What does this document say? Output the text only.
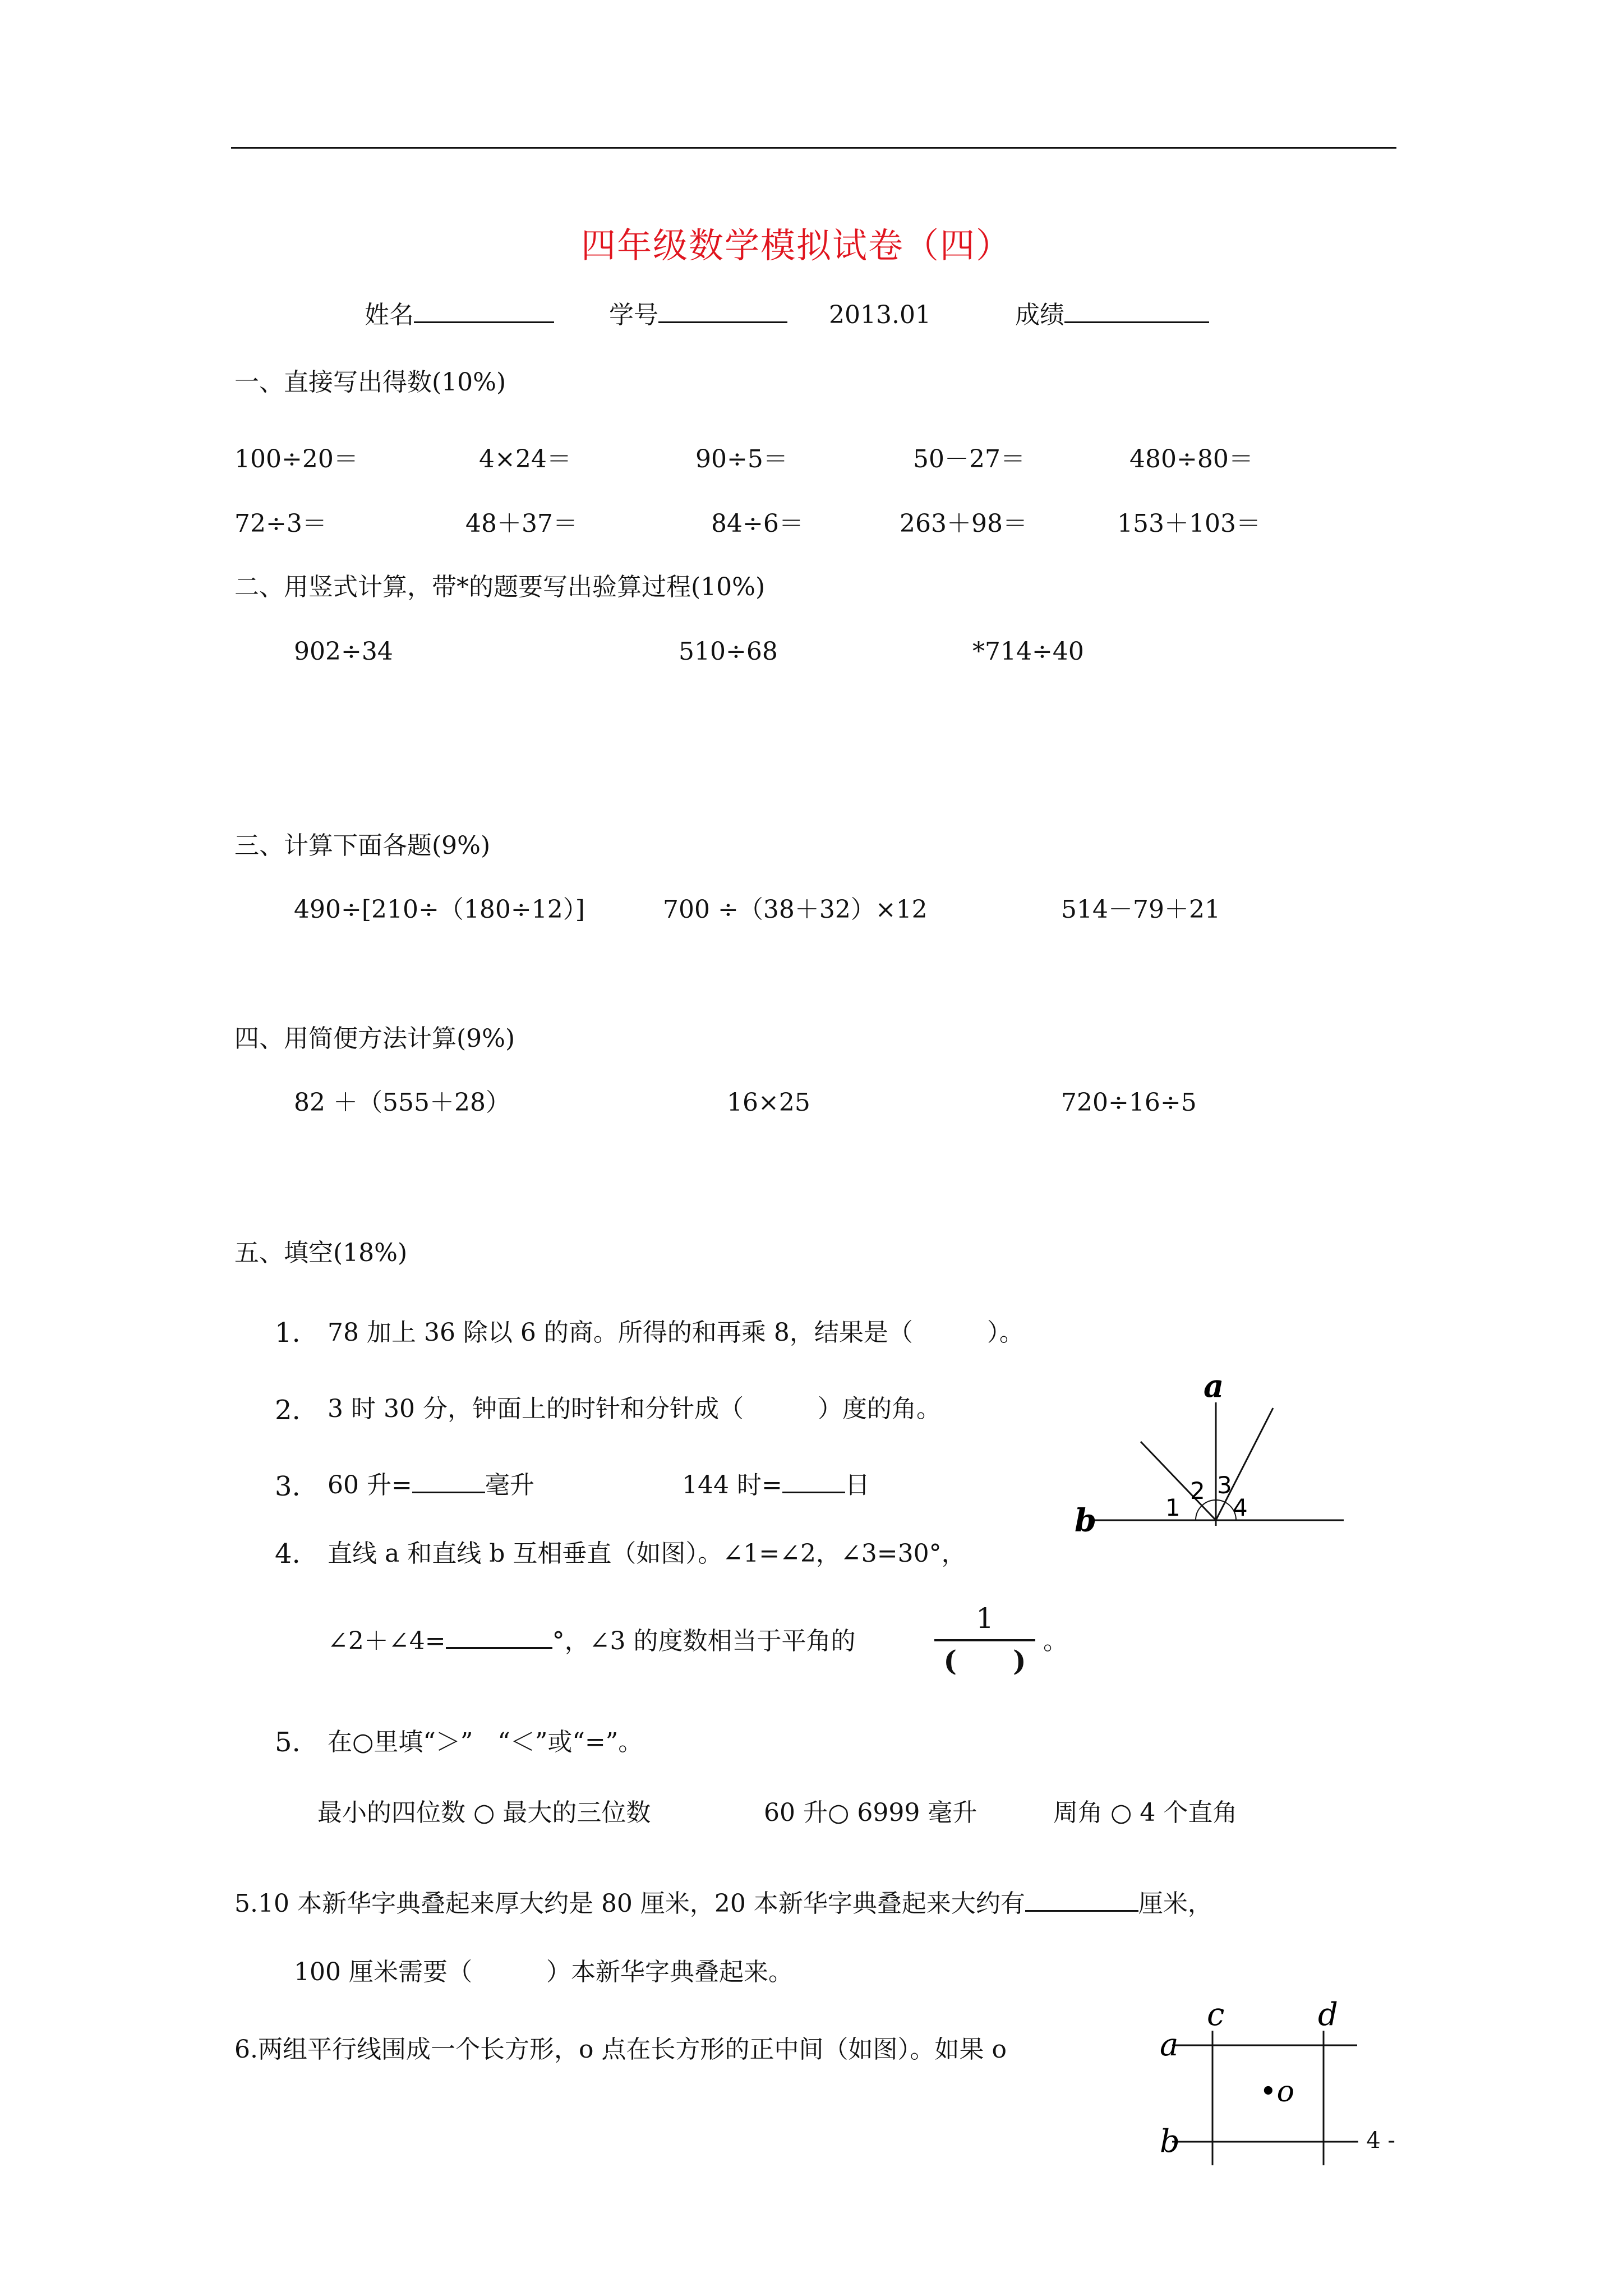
四年级数学模拟试卷（四）
姓名	学号	2013.01	成绩
一、直接写出得数(10%)
100÷20＝	4×24＝	90÷5＝	50－27＝	480÷80＝
72÷3＝	48＋37＝	84÷6＝	263＋98＝	153＋103＝
二、用竖式计算，带*的题要写出验算过程(10%)
902÷34	510÷68	*714÷40
三、计算下面各题(9%)
490÷[210÷（180÷12）]	700 ÷（38＋32）×12	514－79＋21
四、用简便方法计算(9%)
82 ＋（555＋28）	16×25	720÷16÷5
五、填空(18%)
1. 78 加上 36 除以 6 的商。所得的和再乘 8，结果是（　　　）。
2. 3 时 30 分，钟面上的时针和分针成（　　　）度的角。
3. 60 升=	毫升	144 时=	日
4. 直线 a 和直线 b 互相垂直（如图）。∠1=∠2，∠3=30°，
∠2＋∠4=	°，∠3 的度数相当于平角的
1
(　　)
。
5. 在○里填“＞”　“＜”或“=”。
最小的四位数 ○ 最大的三位数	60 升○ 6999 毫升	周角 ○ 4 个直角
5.10 本新华字典叠起来厚大约是 80 厘米，20 本新华字典叠起来大约有	厘米，
100 厘米需要（　　　）本新华字典叠起来。
6.两组平行线围成一个长方形，o 点在长方形的正中间（如图）。如果 o
a
b	1
2 3
4
c	d
a
b
•o
- 4 -
